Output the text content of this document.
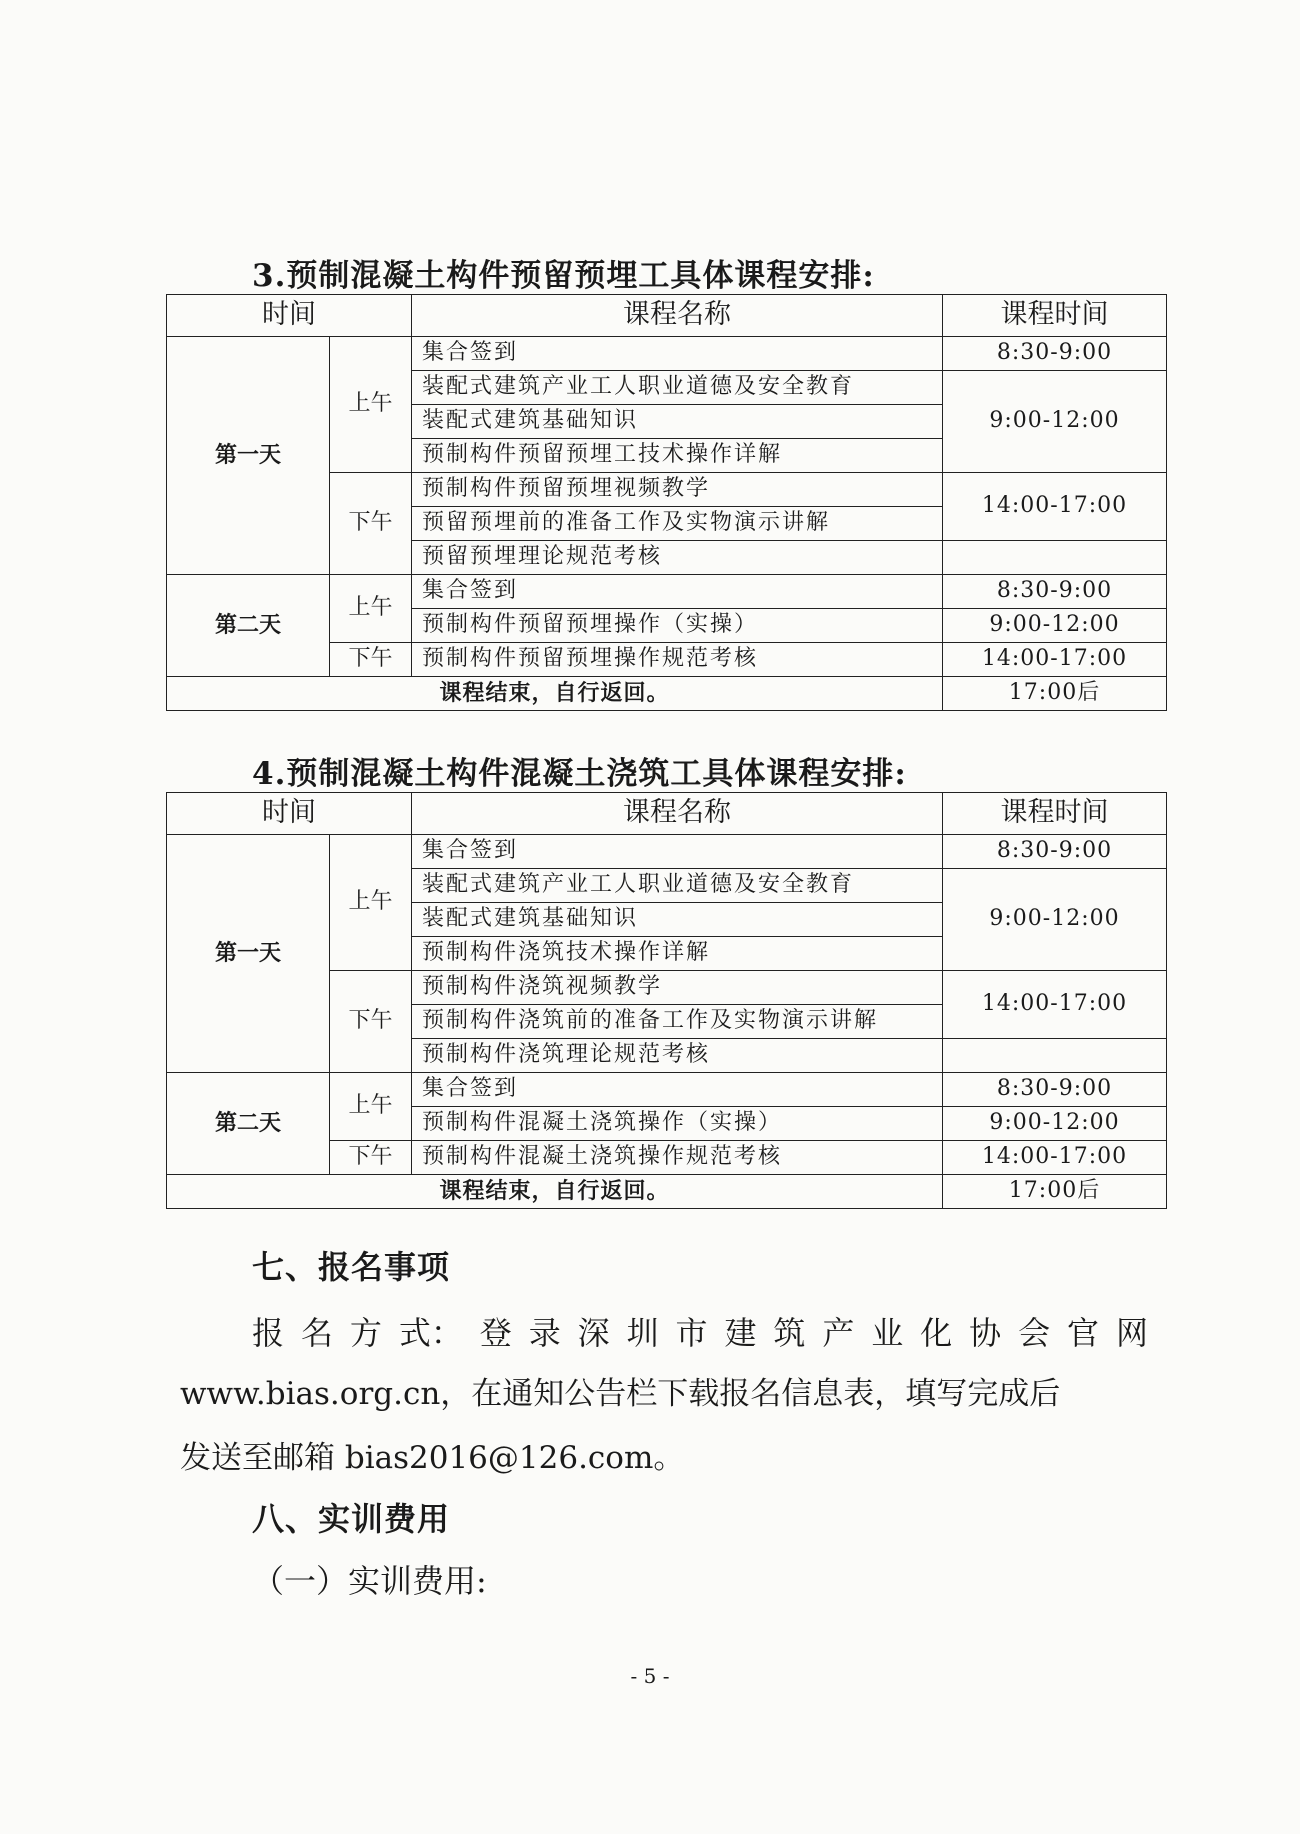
3.预制混凝土构件预留预埋工具体课程安排:
时间		课程名称	课程时间
第一天	上午	集合签到	8:30-9:00
		装配式建筑产业工人职业道德及安全教育	9:00-12:00
		装配式建筑基础知识	
		预制构件预留预埋工技术操作详解	
	下午	预制构件预留预埋视频教学	14:00-17:00
		预留预埋前的准备工作及实物演示讲解	
		预留预埋理论规范考核	
第二天	上午	集合签到	8:30-9:00
		预制构件预留预埋操作（实操）	9:00-12:00
	下午	预制构件预留预埋操作规范考核	14:00-17:00
课程结束，自行返回。			17:00后
4.预制混凝土构件混凝土浇筑工具体课程安排:
时间		课程名称	课程时间
第一天	上午	集合签到	8:30-9:00
		装配式建筑产业工人职业道德及安全教育	9:00-12:00
		装配式建筑基础知识	
		预制构件浇筑技术操作详解	
	下午	预制构件浇筑视频教学	14:00-17:00
		预制构件浇筑前的准备工作及实物演示讲解	
		预制构件浇筑理论规范考核	
第二天	上午	集合签到	8:30-9:00
		预制构件混凝土浇筑操作（实操）	9:00-12:00
	下午	预制构件混凝土浇筑操作规范考核	14:00-17:00
课程结束，自行返回。			17:00后
七、报名事项
报 名 方 式： 登 录 深 圳 市 建 筑 产 业 化 协 会 官 网
www.bias.org.cn，在通知公告栏下载报名信息表，填写完成后
发送至邮箱 bias2016@126.com。
八、实训费用
（一）实训费用:
- 5 -
